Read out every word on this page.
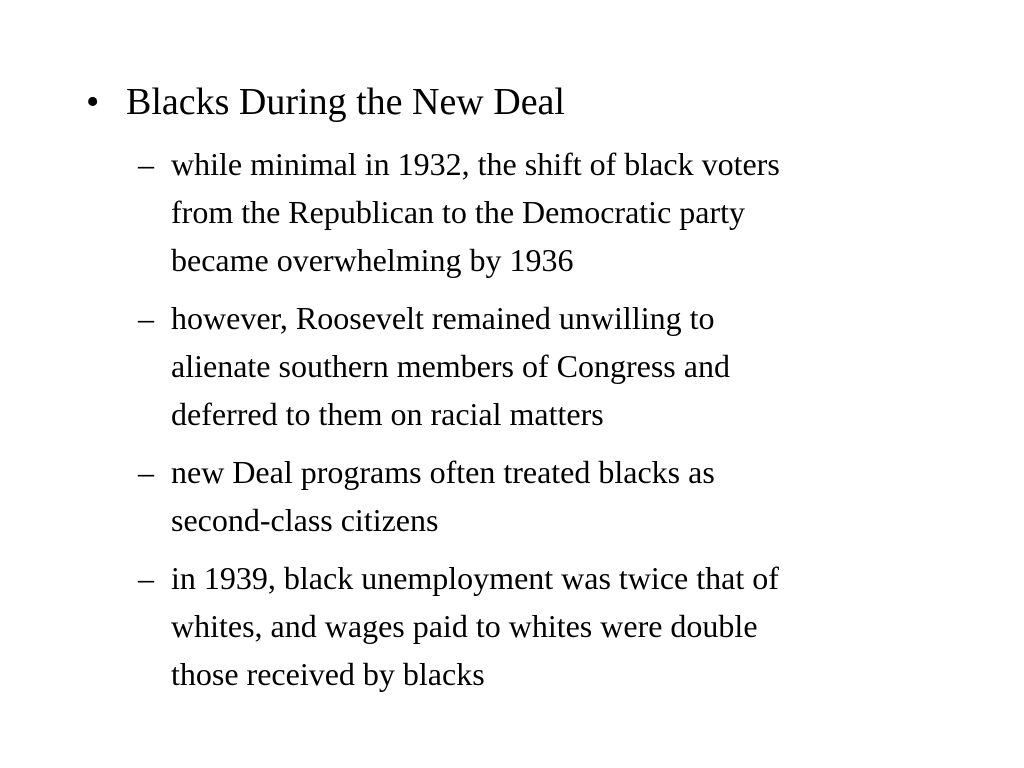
• Blacks During the New Deal
– while minimal in 1932, the shift of black voters
from the Republican to the Democratic party
became overwhelming by 1936
– however, Roosevelt remained unwilling to
alienate southern members of Congress and
deferred to them on racial matters
– new Deal programs often treated blacks as
second-class citizens
– in 1939, black unemployment was twice that of
whites, and wages paid to whites were double
those received by blacks
